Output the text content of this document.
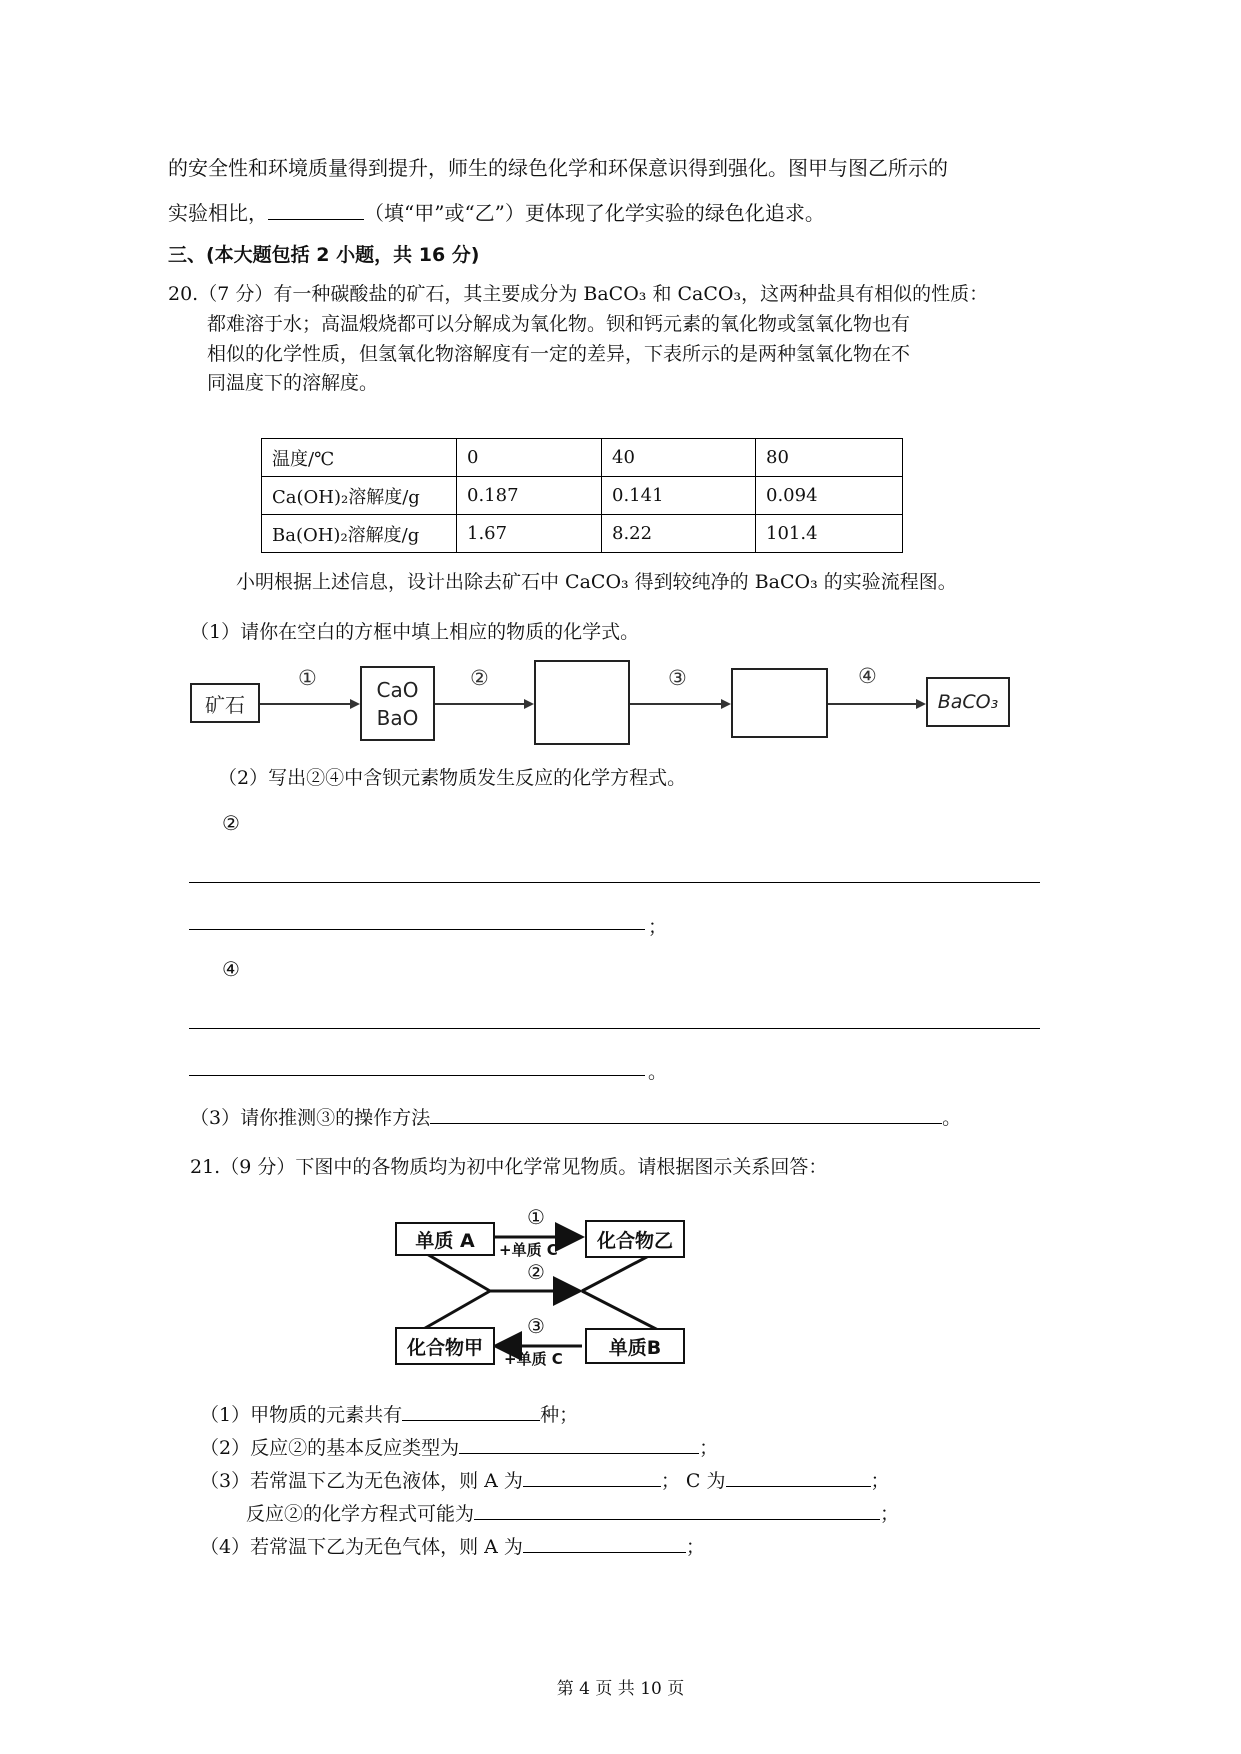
的安全性和环境质量得到提升，师生的绿色化学和环保意识得到强化。图甲与图乙所示的
实验相比，	（填“甲”或“乙”）更体现了化学实验的绿色化追求。
三、(本大题包括 2 小题，共 16 分)
20.（7 分）有一种碳酸盐的矿石，其主要成分为 BaCO₃ 和 CaCO₃，这两种盐具有相似的性质：
都难溶于水；高温煅烧都可以分解成为氧化物。钡和钙元素的氧化物或氢氧化物也有
相似的化学性质，但氢氧化物溶解度有一定的差异，下表所示的是两种氢氧化物在不
同温度下的溶解度。
温度/℃	0	40	80
Ca(OH)₂溶解度/g	0.187	0.141	0.094
Ba(OH)₂溶解度/g	1.67	8.22	101.4
小明根据上述信息，设计出除去矿石中 CaCO₃ 得到较纯净的 BaCO₃ 的实验流程图。
（1）请你在空白的方框中填上相应的物质的化学式。
矿石
①	CaO
BaO
②	③	④
BaCO₃
（2）写出②④中含钡元素物质发生反应的化学方程式。
②
；
④
。
（3）请你推测③的操作方法	。
21.（9 分）下图中的各物质均为初中化学常见物质。请根据图示关系回答：
单质 A	化合物乙
化合物甲	单质B
①
+单质 C
②
③
+单质 C
（1）甲物质的元素共有	种；
（2）反应②的基本反应类型为	；
（3）若常温下乙为无色液体，则 A 为	； C 为	；
反应②的化学方程式可能为	；
（4）若常温下乙为无色气体，则 A 为	；
第 4 页 共 10 页
